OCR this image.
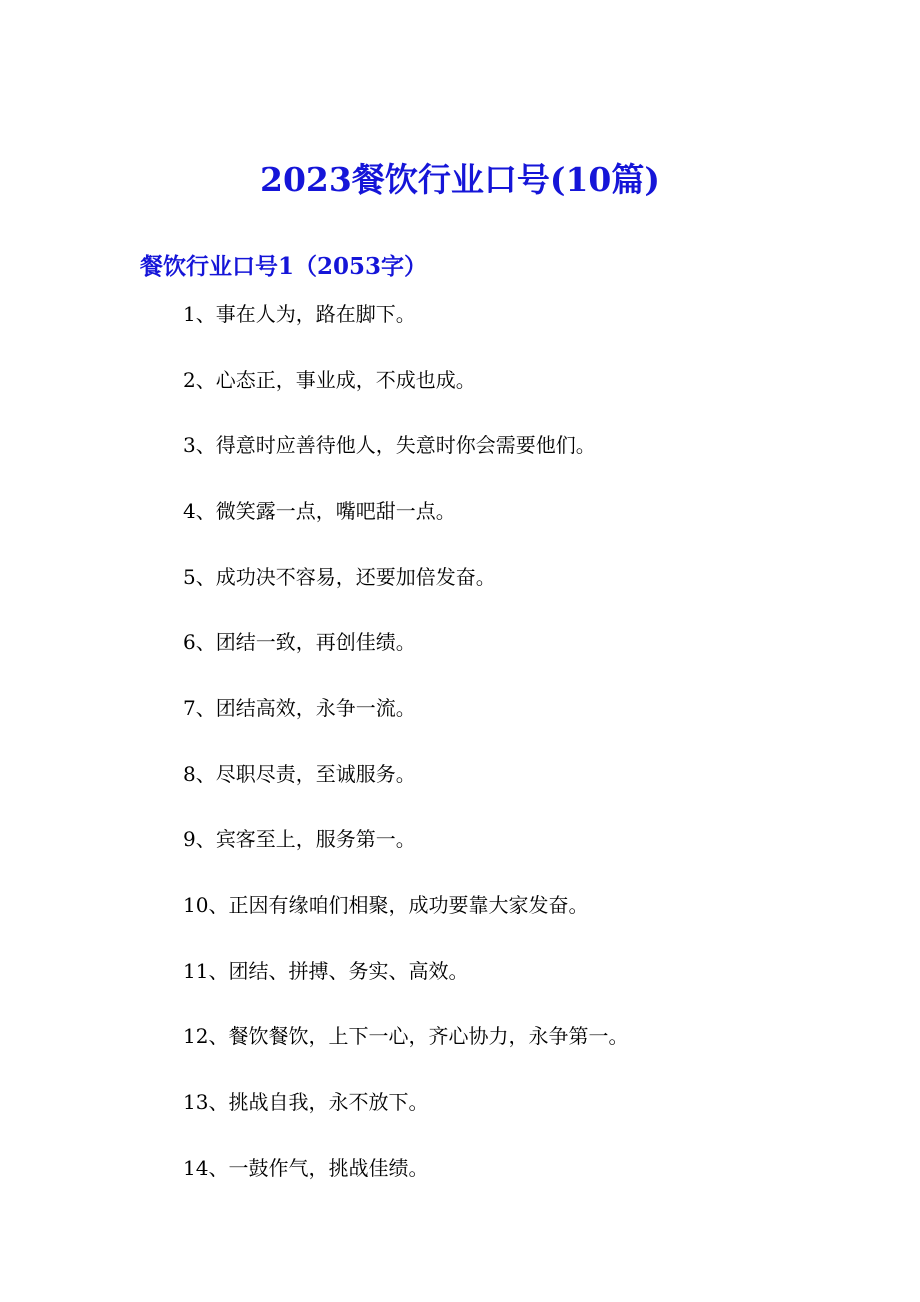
2023餐饮行业口号(10篇)
餐饮行业口号1（2053字）
1、事在人为，路在脚下。
2、心态正，事业成，不成也成。
3、得意时应善待他人，失意时你会需要他们。
4、微笑露一点，嘴吧甜一点。
5、成功决不容易，还要加倍发奋。
6、团结一致，再创佳绩。
7、团结高效，永争一流。
8、尽职尽责，至诚服务。
9、宾客至上，服务第一。
10、正因有缘咱们相聚，成功要靠大家发奋。
11、团结、拼搏、务实、高效。
12、餐饮餐饮，上下一心，齐心协力，永争第一。
13、挑战自我，永不放下。
14、一鼓作气，挑战佳绩。
